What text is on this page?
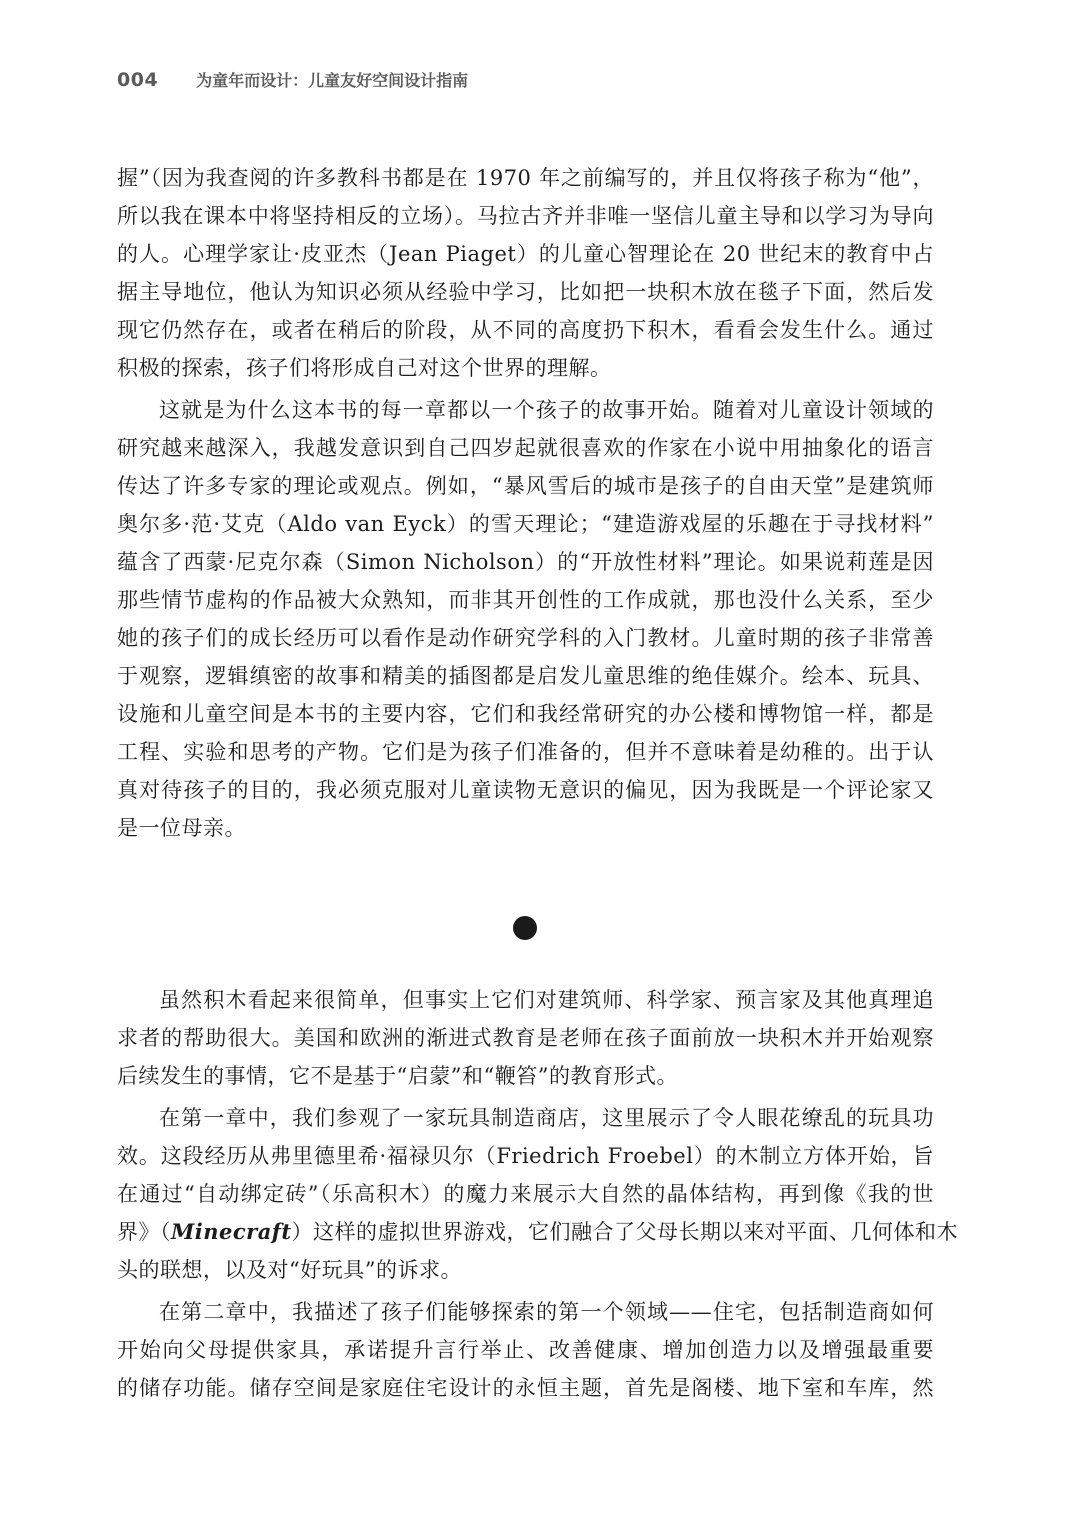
004 为童年而设计：儿童友好空间设计指南
握”（因为我查阅的许多教科书都是在 1970 年之前编写的，并且仅将孩子称为“他”，
所以我在课本中将坚持相反的立场）。马拉古齐并非唯一坚信儿童主导和以学习为导向
的人。心理学家让·皮亚杰（Jean Piaget）的儿童心智理论在 20 世纪末的教育中占
据主导地位，他认为知识必须从经验中学习，比如把一块积木放在毯子下面，然后发
现它仍然存在，或者在稍后的阶段，从不同的高度扔下积木，看看会发生什么。通过
积极的探索，孩子们将形成自己对这个世界的理解。
这就是为什么这本书的每一章都以一个孩子的故事开始。随着对儿童设计领域的
研究越来越深入，我越发意识到自己四岁起就很喜欢的作家在小说中用抽象化的语言
传达了许多专家的理论或观点。例如，“暴风雪后的城市是孩子的自由天堂”是建筑师
奥尔多·范·艾克（Aldo van Eyck）的雪天理论；“建造游戏屋的乐趣在于寻找材料”
蕴含了西蒙·尼克尔森（Simon Nicholson）的“开放性材料”理论。如果说莉莲是因
那些情节虚构的作品被大众熟知，而非其开创性的工作成就，那也没什么关系，至少
她的孩子们的成长经历可以看作是动作研究学科的入门教材。儿童时期的孩子非常善
于观察，逻辑缜密的故事和精美的插图都是启发儿童思维的绝佳媒介。绘本、玩具、
设施和儿童空间是本书的主要内容，它们和我经常研究的办公楼和博物馆一样，都是
工程、实验和思考的产物。它们是为孩子们准备的，但并不意味着是幼稚的。出于认
真对待孩子的目的，我必须克服对儿童读物无意识的偏见，因为我既是一个评论家又
是一位母亲。
虽然积木看起来很简单，但事实上它们对建筑师、科学家、预言家及其他真理追
求者的帮助很大。美国和欧洲的渐进式教育是老师在孩子面前放一块积木并开始观察
后续发生的事情，它不是基于“启蒙”和“鞭笞”的教育形式。
在第一章中，我们参观了一家玩具制造商店，这里展示了令人眼花缭乱的玩具功
效。这段经历从弗里德里希·福禄贝尔（Friedrich Froebel）的木制立方体开始，旨
在通过“自动绑定砖”（乐高积木）的魔力来展示大自然的晶体结构，再到像《我的世
界》（Minecraft）这样的虚拟世界游戏，它们融合了父母长期以来对平面、几何体和木
头的联想，以及对“好玩具”的诉求。
在第二章中，我描述了孩子们能够探索的第一个领域——住宅，包括制造商如何
开始向父母提供家具，承诺提升言行举止、改善健康、增加创造力以及增强最重要
的储存功能。储存空间是家庭住宅设计的永恒主题，首先是阁楼、地下室和车库，然
